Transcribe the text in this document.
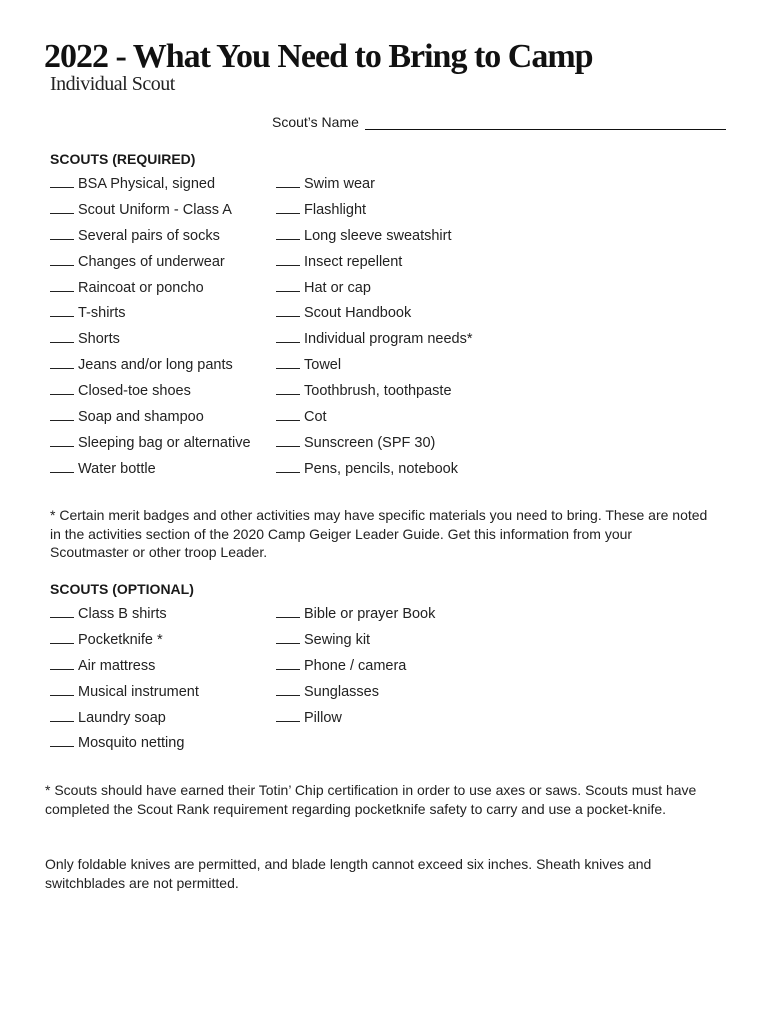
2022 - What You Need to Bring to Camp
Individual Scout
Scout’s Name
SCOUTS (REQUIRED)
BSA Physical, signed
Scout Uniform - Class A
Several pairs of socks
Changes of underwear
Raincoat or poncho
T-shirts
Shorts
Jeans and/or long pants
Closed-toe shoes
Soap and shampoo
Sleeping bag or alternative
Water bottle
Swim wear
Flashlight
Long sleeve sweatshirt
Insect repellent
Hat or cap
Scout Handbook
Individual program needs*
Towel
Toothbrush, toothpaste
Cot
Sunscreen (SPF 30)
Pens, pencils, notebook
* Certain merit badges and other activities may have specific materials you need to bring. These are noted in the activities section of the 2020 Camp Geiger Leader Guide. Get this information from your Scoutmaster or other troop Leader.
SCOUTS (OPTIONAL)
Class B shirts
Pocketknife *
Air mattress
Musical instrument
Laundry soap
Mosquito netting
Bible or prayer Book
Sewing kit
Phone / camera
Sunglasses
Pillow
* Scouts should have earned their Totin’ Chip certification in order to use axes or saws. Scouts must have completed the Scout Rank requirement regarding pocketknife safety to carry and use a pocket-knife.
Only foldable knives are permitted, and blade length cannot exceed six inches. Sheath knives and switchblades are not permitted.
